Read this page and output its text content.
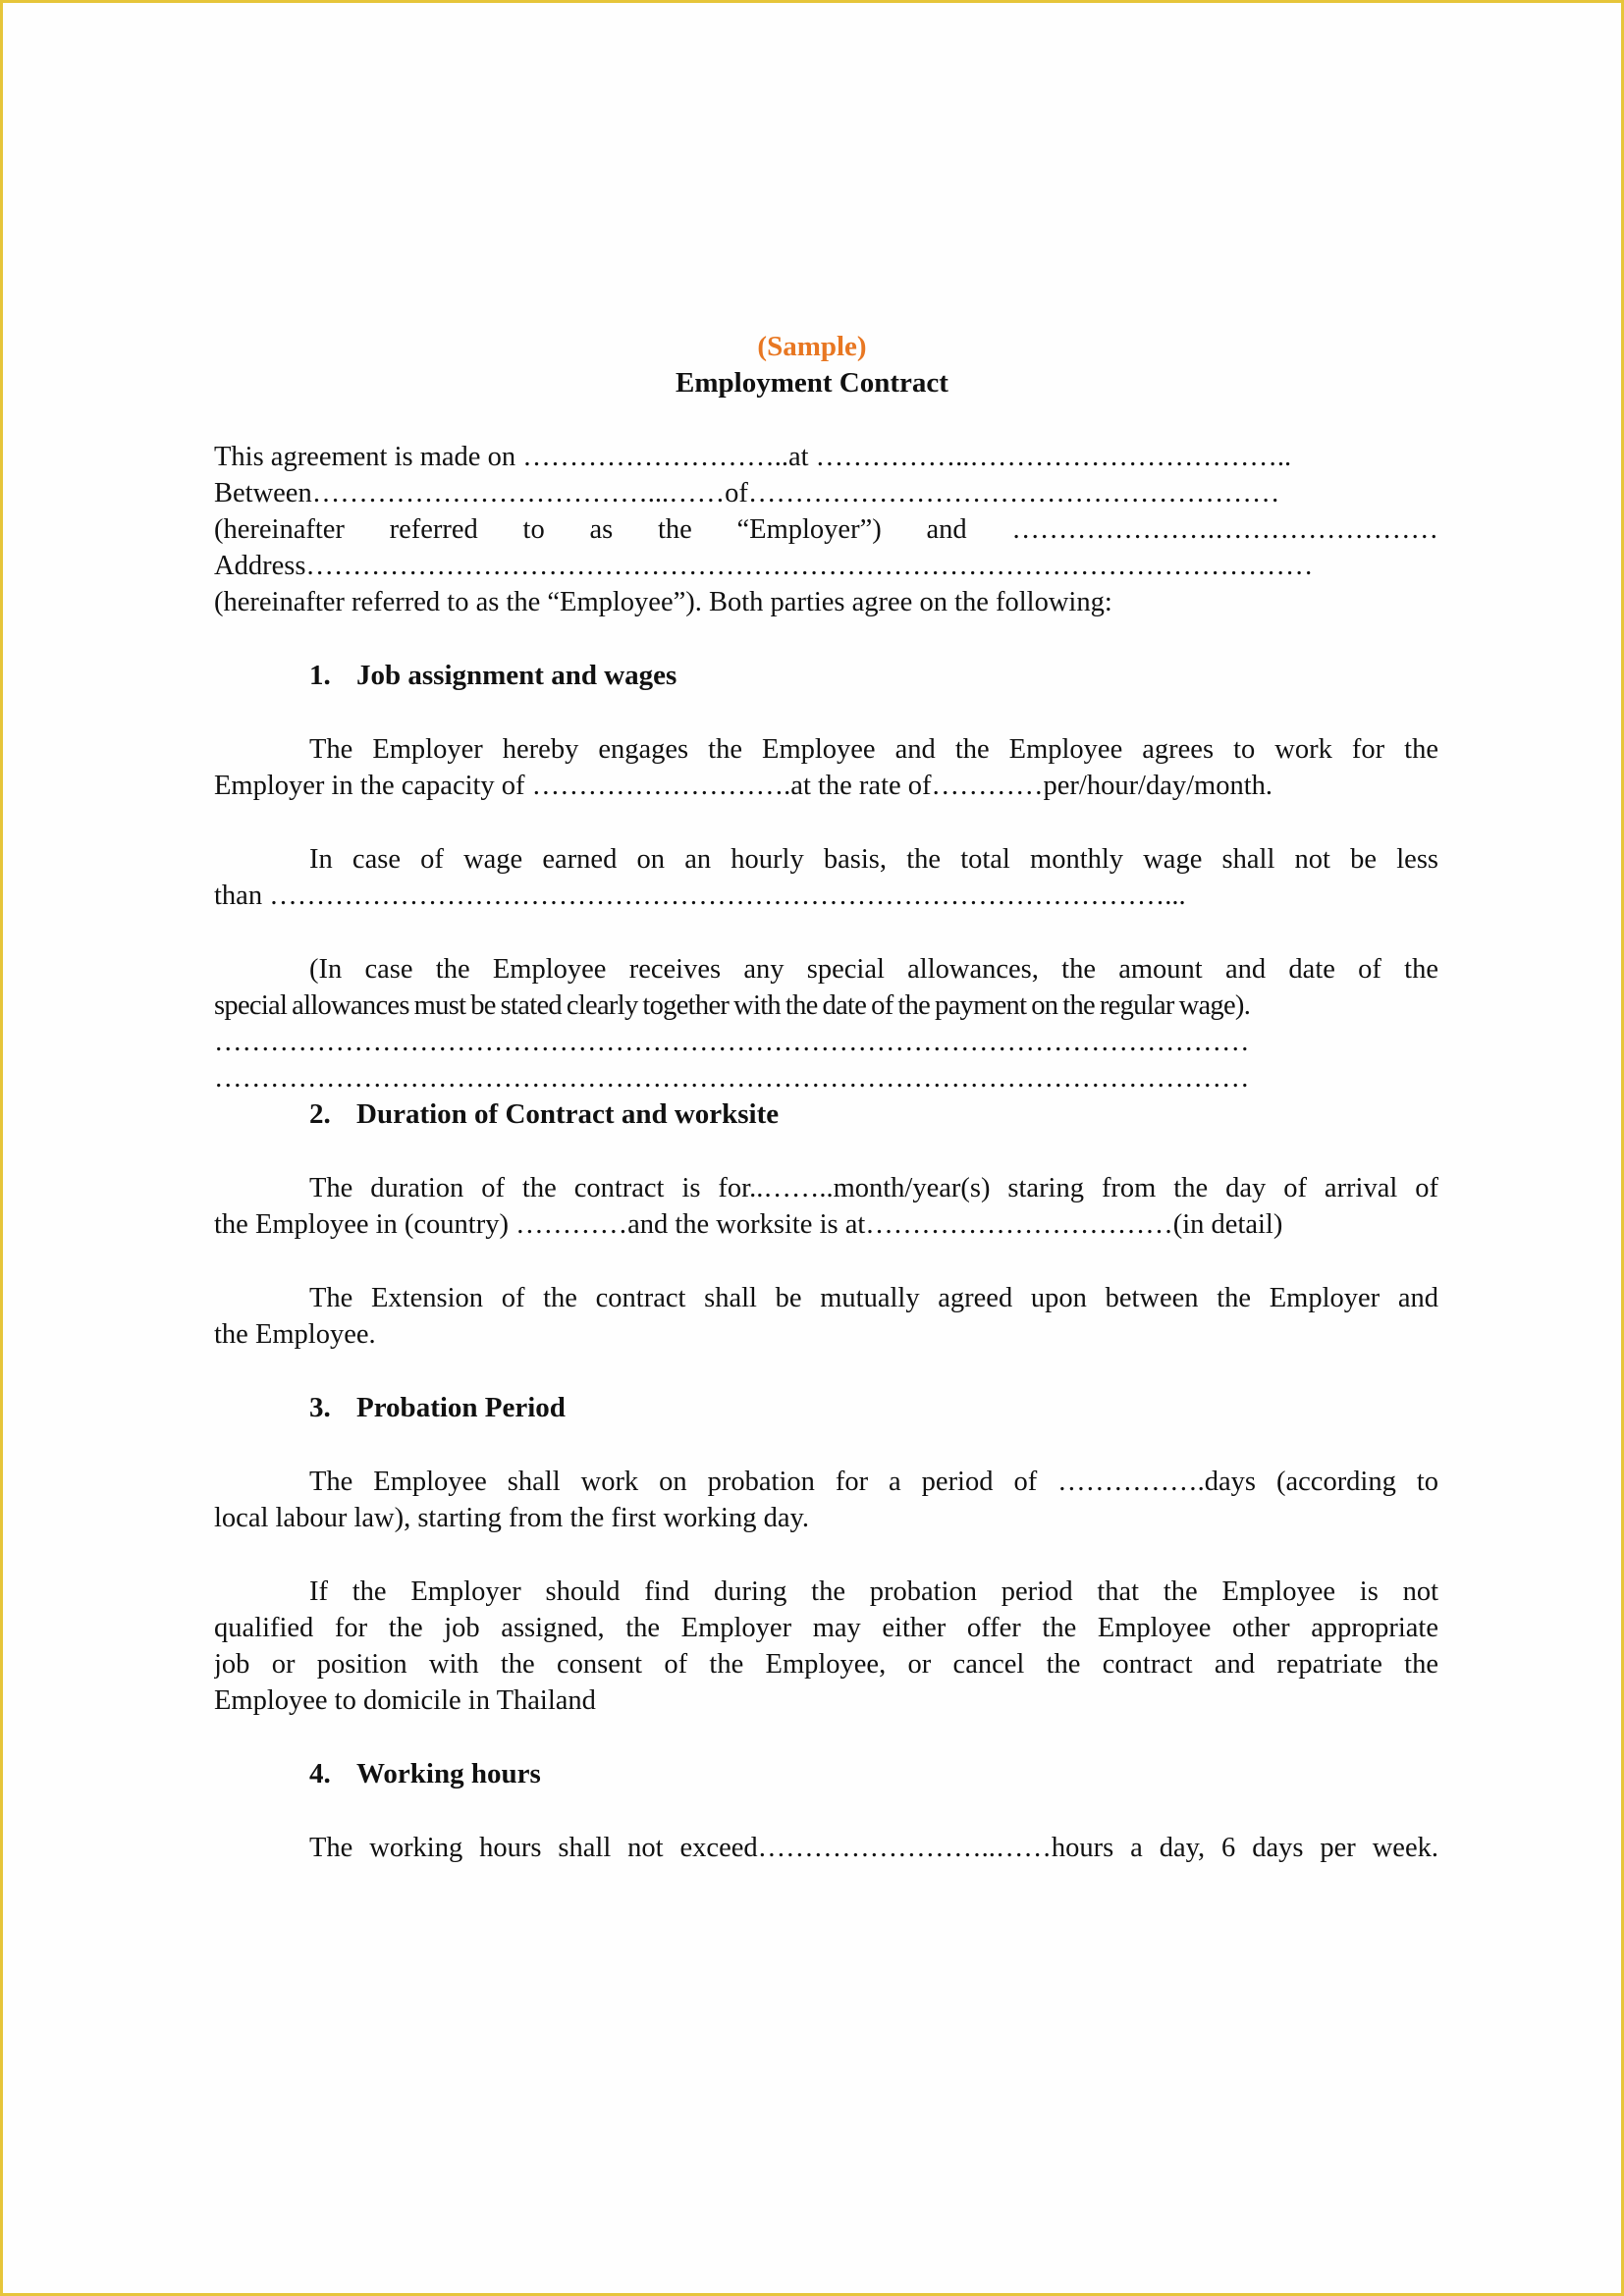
(Sample)
Employment Contract
This agreement is made on ………………………..at ……………..……………………………..
Between………………………………...……of…………………………………………………
(hereinafter referred to as the “Employer”) and ………………….……………………
Address………………………………………………………………………………………………
(hereinafter referred to as the “Employee”). Both parties agree on the following:
1. Job assignment and wages
The Employer hereby engages the Employee and the Employee agrees to work for the
Employer in the capacity of ……………………….at the rate of…………per/hour/day/month.
In case of wage earned on an hourly basis, the total monthly wage shall not be less
than ……………………………………………………………………………………...
(In case the Employee receives any special allowances, the amount and date of the
special allowances must be stated clearly together with the date of the payment on the regular wage).
…………………………………………………………………………………………………
…………………………………………………………………………………………………
2. Duration of Contract and worksite
The duration of the contract is for..……..month/year(s) staring from the day of arrival of
the Employee in (country) …………and the worksite is at……………………………(in detail)
The Extension of the contract shall be mutually agreed upon between the Employer and
the Employee.
3. Probation Period
The Employee shall work on probation for a period of …………….days (according to
local labour law), starting from the first working day.
If the Employer should find during the probation period that the Employee is not
qualified for the job assigned, the Employer may either offer the Employee other appropriate
job or position with the consent of the Employee, or cancel the contract and repatriate the
Employee to domicile in Thailand
4. Working hours
The working hours shall not exceed……………………..……hours a day, 6 days per week.
